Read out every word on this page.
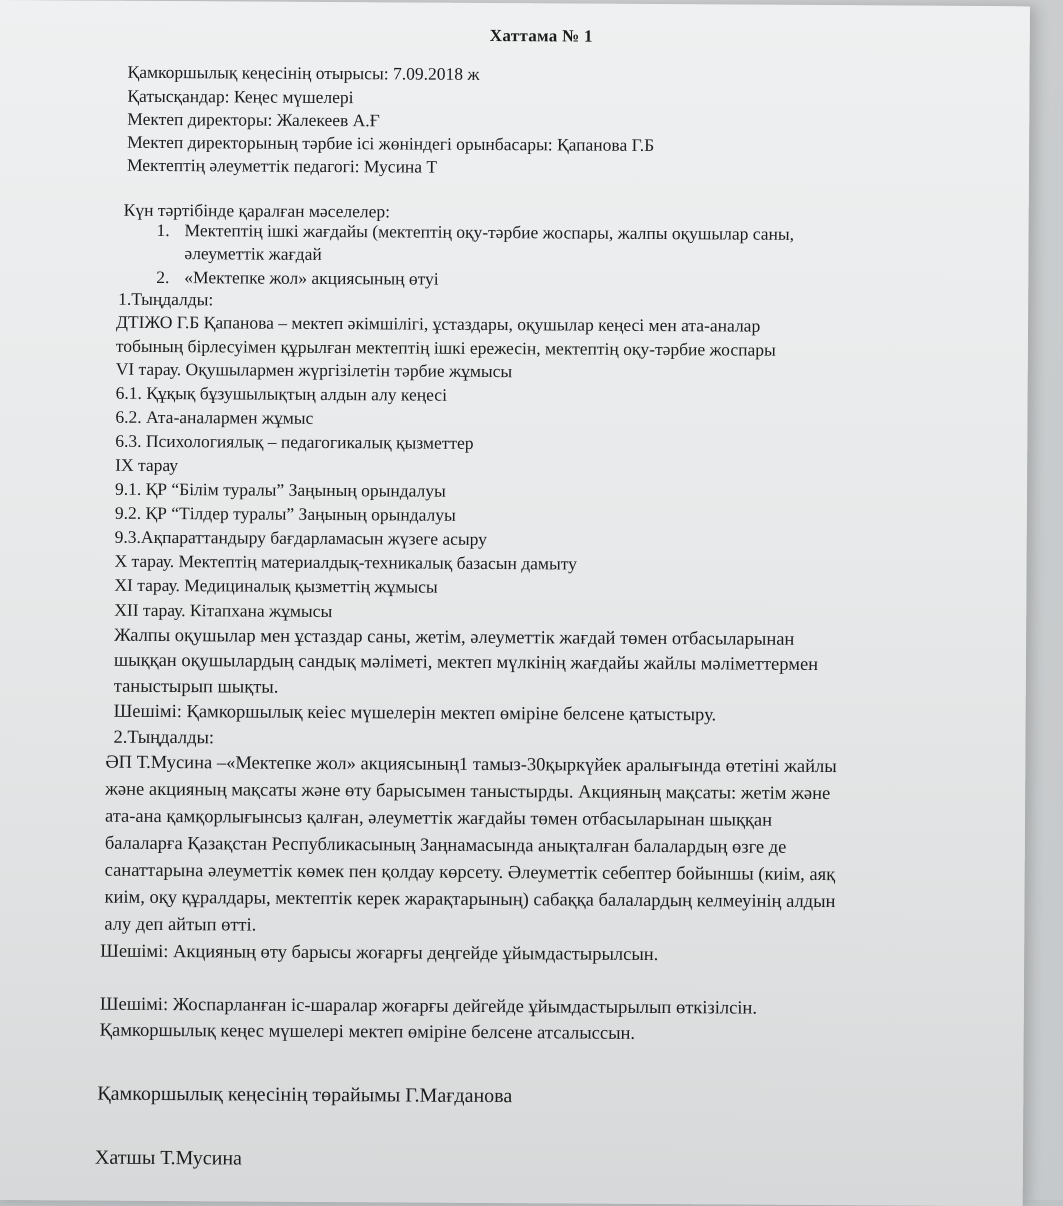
Хаттама № 1
Қамкоршылық кеңесінің отырысы: 7.09.2018 ж
Қатысқандар: Кеңес мүшелері
Мектеп директоры: Жалекеев А.Ғ
Мектеп директорының тәрбие ісі жөніндегі орынбасары: Қапанова Г.Б
Мектептің әлеуметтік педагогі: Мусина Т
Күн тәртібінде қаралған мәселелер:
1. Мектептің ішкі жағдайы (мектептің оқу-тәрбие жоспары, жалпы оқушылар саны,
әлеуметтік жағдай
2. «Мектепке жол» акциясының өтуі
1.Тыңдалды:
ДТІЖО Г.Б Қапанова – мектеп әкімшілігі, ұстаздары, оқушылар кеңесі мен ата-аналар
тобының бірлесуімен құрылған мектептің ішкі ережесін, мектептің оқу-тәрбие жоспары
VI тарау. Оқушылармен жүргізілетін тәрбие жұмысы
6.1. Құқық бұзушылықтың алдын алу кеңесі
6.2. Ата-аналармен жұмыс
6.3. Психологиялық – педагогикалық қызметтер
IX тарау
9.1. ҚР “Білім туралы” Заңының орындалуы
9.2. ҚР “Тілдер туралы” Заңының орындалуы
9.3.Ақпараттандыру бағдарламасын жүзеге асыру
X тарау. Мектептің материалдық-техникалық базасын дамыту
XI тарау. Медициналық қызметтің жұмысы
XII тарау. Кітапхана жұмысы
Жалпы оқушылар мен ұстаздар саны, жетім, әлеуметтік жағдай төмен отбасыларынан
шыққан оқушылардың сандық мәліметі, мектеп мүлкінің жағдайы жайлы мәліметтермен
таныстырып шықты.
Шешімі: Қамкоршылық кеіес мүшелерін мектеп өміріне белсене қатыстыру.
2.Тыңдалды:
ӘП Т.Мусина –«Мектепке жол» акциясының1 тамыз-30қыркүйек аралығында өтетіні жайлы
және акцияның мақсаты және өту барысымен таныстырды. Акцияның мақсаты: жетім және
ата-ана қамқорлығынсыз қалған, әлеуметтік жағдайы төмен отбасыларынан шыққан
балаларға Қазақстан Республикасының Заңнамасында анықталған балалардың өзге де
санаттарына әлеуметтік көмек пен қолдау көрсету. Әлеуметтік себептер бойыншы (киім, аяқ
киім, оқу құралдары, мектептік керек жарақтарының) сабаққа балалардың келмеуінің алдын
алу деп айтып өтті.
Шешімі: Акцияның өту барысы жоғарғы деңгейде ұйымдастырылсын.
Шешімі: Жоспарланған іс-шаралар жоғарғы дейгейде ұйымдастырылып өткізілсін.
Қамкоршылық кеңес мүшелері мектеп өміріне белсене атсалыссын.
Қамкоршылық кеңесінің төрайымы Г.Мағданова
Хатшы Т.Мусина
